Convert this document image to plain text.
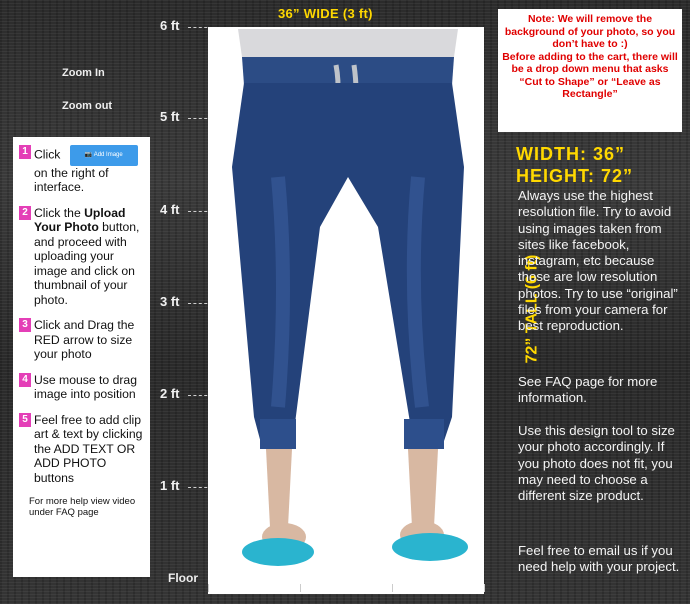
6 ft
5 ft
4 ft
3 ft
2 ft
1 ft
Zoom In
Zoom out
36” WIDE (3 ft)
72” TALL (6 ft)
Note: We will remove the background of your photo, so you don’t have to :)
Before adding to the cart, there will be a drop down menu that asks “Cut to Shape” or “Leave as Rectangle”
WIDTH: 36”
HEIGHT: 72”
Always use the highest resolution file. Try to avoid using images taken from sites like facebook, instagram, etc because those are low resolution photos. Try to use “original” files from your camera for best reproduction.
See FAQ page for more information.
Use this design tool to size your photo accordingly. If you photo does not fit, you may need to choose a different size product.
Feel free to email us if you need help with your project.
1 Click	📷 Add Image
on the right of interface.
2 Click the Upload Your Photo button, and proceed with uploading your image and click on thumbnail of your photo.
3 Click and Drag the RED arrow to size your photo
4 Use mouse to drag image into position
5 Feel free to add clip art & text by clicking the ADD TEXT OR ADD PHOTO buttons
For more help view video under FAQ page
Floor
